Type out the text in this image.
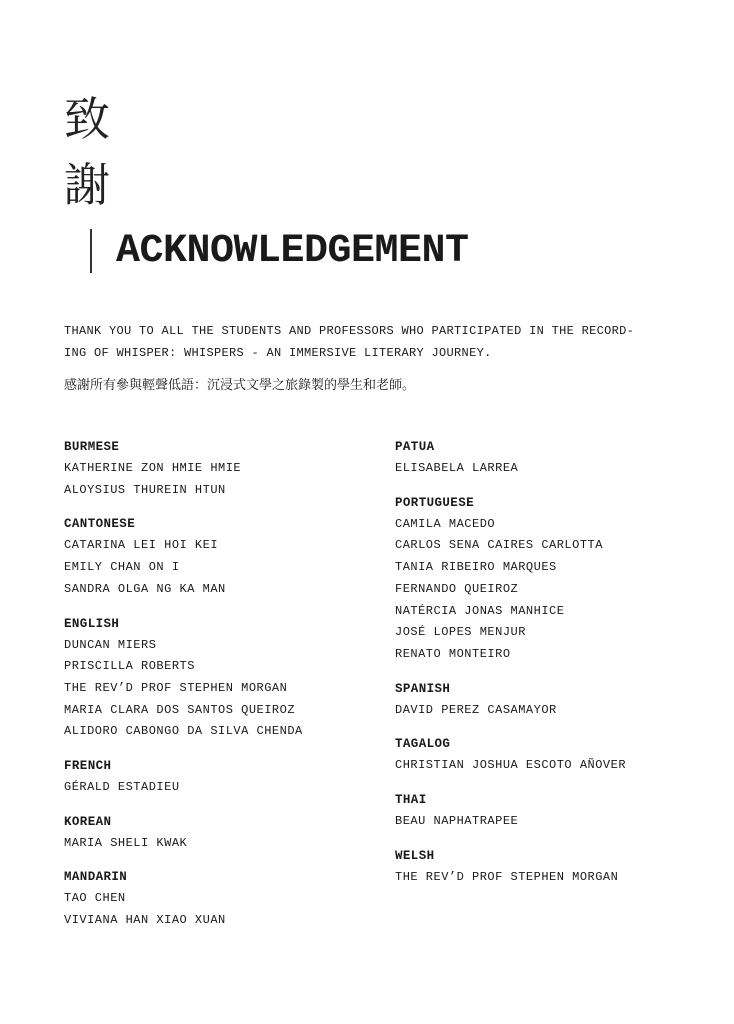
致
謝
ACKNOWLEDGEMENT
THANK YOU TO ALL THE STUDENTS AND PROFESSORS WHO PARTICIPATED IN THE RECORD-
ING OF WHISPER: WHISPERS - AN IMMERSIVE LITERARY JOURNEY.
感謝所有參與輕聲低語：沉浸式文學之旅錄製的學生和老師。
BURMESE
KATHERINE ZON HMIE HMIE
ALOYSIUS THUREIN HTUN
CANTONESE
CATARINA LEI HOI KEI
EMILY CHAN ON I
SANDRA OLGA NG KA MAN
ENGLISH
DUNCAN MIERS
PRISCILLA ROBERTS
THE REV’D PROF STEPHEN MORGAN
MARIA CLARA DOS SANTOS QUEIROZ
ALIDORO CABONGO DA SILVA CHENDA
FRENCH
GÉRALD ESTADIEU
KOREAN
MARIA SHELI KWAK
MANDARIN
TAO CHEN
VIVIANA HAN XIAO XUAN
PATUA
ELISABELA LARREA
PORTUGUESE
CAMILA MACEDO
CARLOS SENA CAIRES CARLOTTA
TANIA RIBEIRO MARQUES
FERNANDO QUEIROZ
NATÉRCIA JONAS MANHICE
JOSÉ LOPES MENJUR
RENATO MONTEIRO
SPANISH
DAVID PEREZ CASAMAYOR
TAGALOG
CHRISTIAN JOSHUA ESCOTO AÑOVER
THAI
BEAU NAPHATRAPEE
WELSH
THE REV’D PROF STEPHEN MORGAN
